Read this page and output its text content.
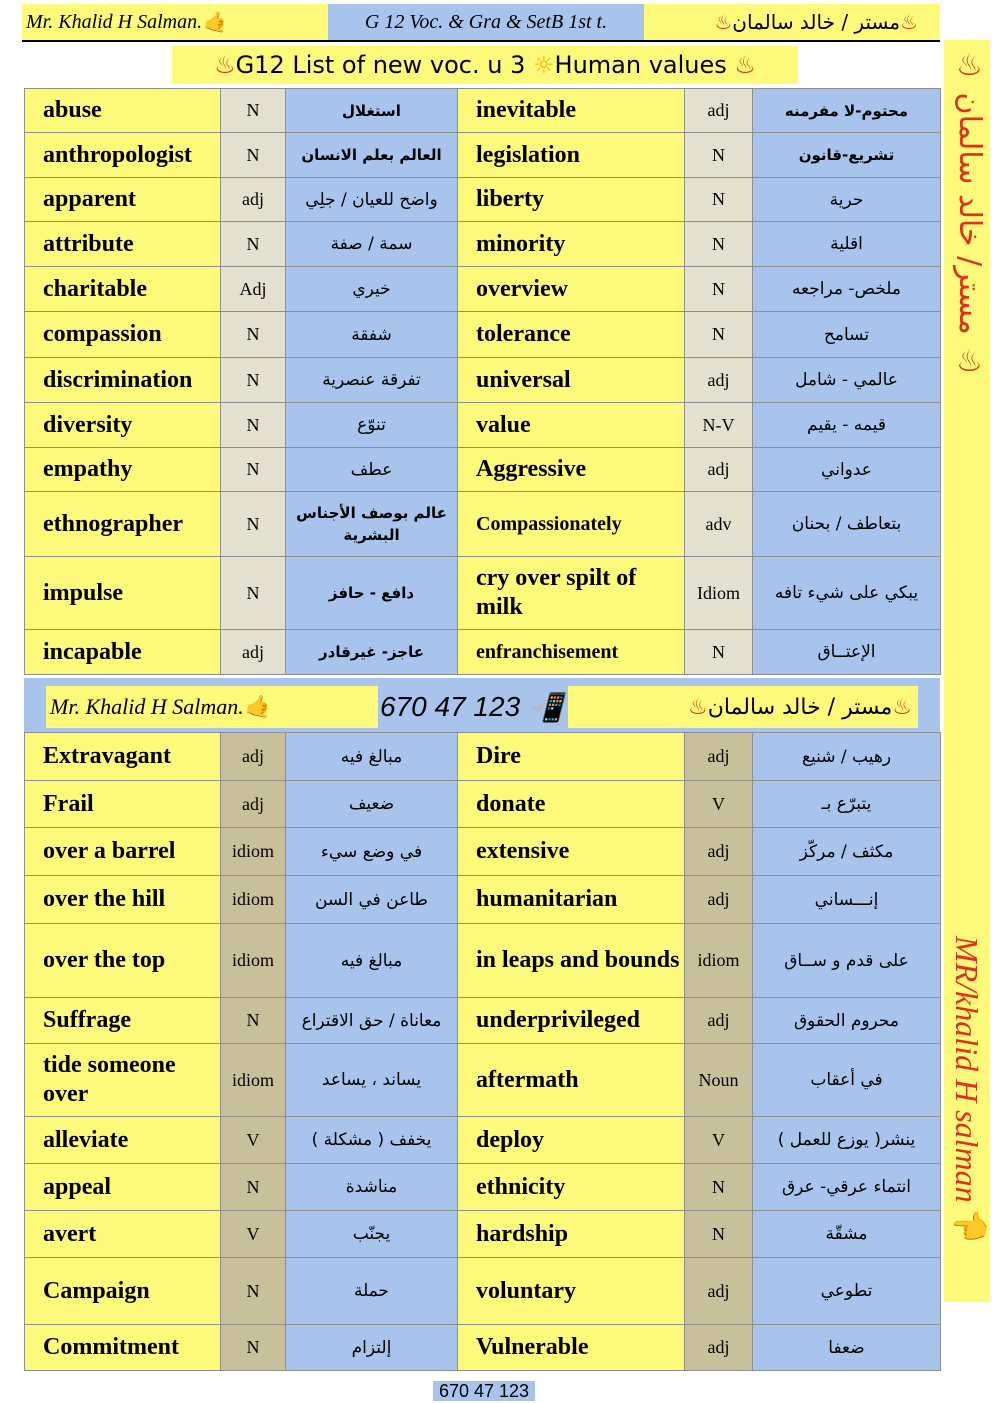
Mr. Khalid H Salman. 🤙	G 12 Voc. & Gra & SetB 1st t.	♨ مستر / خالد سالمان ♨
♨ G12 List of new voc. u 3
☼ Human values
♨	♨ مستر/ خالد سالمان ♨
MR/khalid H salman 👈
abuse	N	استغلال	inevitable	adj	محتوم-لا مفرمنه
anthropologist	N	العالم بعلم الانسان	legislation	N	تشريع-قانون
apparent	adj	واضح للعيان / جلِي	liberty	N	حرية
attribute	N	سمة / صفة	minority	N	اقلية
charitable	Adj	خيري	overview	N	ملخص- مراجعه
compassion	N	شفقة	tolerance	N	تسامح
discrimination	N	تفرقة عنصرية	universal	adj	عالمي - شامل
diversity	N	تنوّع	value	N-V	قيمه - يقيم
empathy	N	عطف	Aggressive	adj	عدواني
ethnographer	N	عالم بوصف الأجناس البشرية	Compassionately	adv	بتعاطف / بحنان
impulse	N	دافع - حافز	cry over spilt of milk	Idiom	يبكي على شيء تافه
incapable	adj	عاجز- غيرقادر	enfranchisement	N	الإعتــاق
Mr. Khalid H Salman. 🤙	670 47 123
📲	♨ مستر / خالد سالمان ♨
Extravagant	adj	مبالغ فيه	Dire	adj	رهيب / شنيع
Frail	adj	ضعيف	donate	V	يتبرّع بـ
over a barrel	idiom	في وضع سيء	extensive	adj	مكثف / مركّز
over the hill	idiom	طاعن في السن	humanitarian	adj	إنـــساني
over the top	idiom	مبالغ فيه	in leaps and bounds	idiom	على قدم و ســاق
Suffrage	N	معاناة / حق الاقتراع	underprivileged	adj	محروم الحقوق
tide someone over	idiom	يساند ، يساعد	aftermath	Noun	في أعقاب
alleviate	V	يخفف ( مشكلة )	deploy	V	ينشر( يوزع للعمل )
appeal	N	مناشدة	ethnicity	N	انتماء عرقي- عرق
avert	V	يجنّب	hardship	N	مشقّة
Campaign	N	حملة	voluntary	adj	تطوعي
Commitment	N	إلتزام	Vulnerable	adj	ضعفا
670 47 123
